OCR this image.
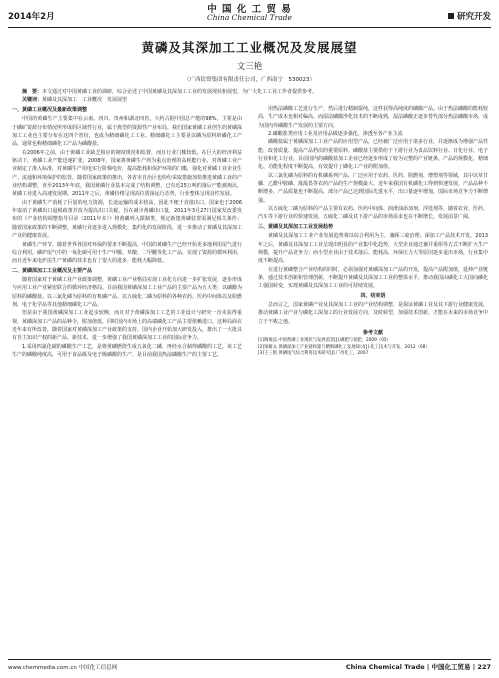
2014年2月
中 国 化 工 贸 易
China Chemical Trade	研究开发
黄磷及其深加工工业概况及发展展望
文三艳
（广西钦资集团有限责任公司，广西南宁　530023）
摘　要：本文通过对中国黄磷工业的调研，综合论述了中国黄磷及其深加工工业的发展现状和展望，为广大化工工业工作者提供参考。
关键词：黄磷及其深加工　工业概况　发展展望
一、黄磷工业概况及最新政策调整

中国的黄磷生产主要集中在云南、四川、贵州和湖北四省，大约占据中国总产能的98%。主要是由于磷矿资源分布情况所形成的区域性行业，属于典型的资源性产业布局。我们国家黄磷工业创生的黄磷深加工工业也主要分布在这四个省份，也成为精细磷化工工业。精细磷化工主要是以磷为原料的磷化工产品，通常也称精细磷化工产品为磷酸盐。

在2006年之前，由于黄磷工业缺乏相应的制度规范和监督，而且行业门槛较低，在巨大的经济利益驱动下，黄磷工业产能迅速扩张，2008年，国家将黄磷生产列为重点治理的高耗能行业，对黄磷工业产业制定了准入标准，对黄磷生产用电实行阶梯电价，提高能耗和保护环境的门槛，强化对黄磷工业企业生产、流通和环境保护的监管，随着国家政策的推出，各省市自治区也纷纷采取措施加快推进黄磷工业的产业结构调整，直至2013年年底，我国黄磷行业基本完成了结构调整，已有近25万吨的落后产能被淘汰，黄磷工业进入高速发展期。2011年之后，黄磷价格呈现高位震荡运行态势，行业整体呈现良性发展。

由于黄磷生产消耗了巨量的电力资源，长途运输的成本较高，因此不便于直接出口，国家也于2006年取消了黄磷出口退税政策并改为提高出口关税，旨在减少黄磷出口量，2011年3月27日国家发改委发布的《产业结构调整指导目录（2011年本）》将黄磷列入限制类，规定新建黄磷装置需满足相关条件；随着国家政策的不断调整，黄磷行业逐步进入规模化、集约化的发展阶段，进一步推动了黄磷及其深加工产业的健康发展。

黄磷生产环节，随着世界各国对环保的要求不断提高，中国的黄磷生产已经开始更多地利用尾气进行综合利用，磷炉尾气中的一氧化碳可用于生产甲酸、草酸、二甲醚等化工产品，实现了资源的循环利用，而且近年来电炉法生产黄磷的技术也有了很大的进步，能耗大幅降低。

二、黄磷深加工工业概况及主要产品

随着国家对于黄磷工业产业政策调整，黄磷工业产业格局实现工业化方向进一步扩张发展，逐步形成与应用工业产业紧密联合的循环经济格局。目前我国黄磷深加工工业产品的主要产品为五大类：以磷酸为原料的磷酸盐、以三氯化磷为原料的有机磷产品、以五硫化二磷为原料的各种农药、医药中间体以及阻燃剂、电子化学品等其他精细磷化工产品。

但是由于我国黄磷深加工工业起步较晚，而且对于黄磷深加工工艺的工业设计与研究一直未获得重视，黄磷深加工产品的品种少，附加值低，同时国内市场上的高端磷化工产品主要依赖进口，这种局面在近年来有所改善，随着国家对黄磷深加工产业政策的支持，国内企业开始加大研发投入，推出了一大批具有自主知识产权的新产品、新技术，进一步增强了我国黄磷深加工工业的国际竞争力。

1.采用四氯化碳的磷酸生产工艺，是将黄磷燃烧生成五氧化二磷，再经水合制得磷酸的工艺，该工艺生产的磷酸纯度高，可用于食品级及电子级磷酸的生产，是目前我国热法磷酸生产的主要工艺。

用热法磷酸工艺进行生产，然后进行精制提纯，这样获得高纯度的磷酸产品。由于热法磷酸的能耗较高，生产成本也相对偏高，而湿法磷酸净化技术的不断成熟，湿法磷酸正逐步替代部分热法磷酸市场，成为国内外磷酸生产发展的主要方向。

2.磷酸盐类应用工业及应用品级逐步强化，渗透至各产业主流

磷酸盐属于黄磷深加工工业产品的应用型产品，已经被广泛应用于诸多行业，并逐渐成为增强产品性能、改善质量、提高产品档次的重要原料。磷酸盐主要供给于下游行业为食品饮料行业、日化行业、电子行业和化工行业，目前国内的磷酸盐加工企业已经逐步形成了较为完整的产业链条，产品的规模化、精细化、功能化程度不断提高，有效提升了磷化工产业的附加值。

以三氯化磷为原料的有机磷系列产品，广泛应用于农药、医药、阻燃剂、增塑剂等领域，其中以草甘膦、乙酰甲胺磷、敌敌畏等农药产品的生产规模最大。近年来我国有机磷化工得到快速发展，产品品种不断增多，产品质量也不断提高，部分产品已达到国际先进水平，出口量逐年增加，国际市场竞争力不断增强。

以五硫化二磷为原料的产品主要有农药、医药中间体、润滑油添加剂、浮选剂等，随着农业、医药、汽车等下游行业的快速发展，五硫化二磷及其下游产品的市场需求也在不断增长，发展前景广阔。

三、黄磷及其深加工工业发展趋势

黄磷及其深加工工业产业发展趋势将以综合利用为主，兼顾三废治理、深加工产品技术开发。2013年之后，黄磷及其深加工工业呈现出明显的产业集中化趋势，大型企业通过兼并重组等方式不断扩大生产规模，提升产品竞争力；而小型企业由于技术落后、能耗高、环保压力大等原因逐步退出市场，行业集中度不断提高。

在进行黄磷整合产业结构的同时，必须加强对黄磷深加工产品的开发，提高产品附加值，延伸产业链条，通过技术创新和管理创新，不断提升黄磷及其深加工工业的整体水平，推动我国由磷化工大国向磷化工强国转变，实现黄磷及其深加工工业的可持续发展。

四、结束语

总而言之，国家黄磷产业及其深加工工业的产业结构调整，是保证黄磷工业及其下游行业健康发展，推动黄磷工业产业与磷化工深加工的行业发展方向，及时转型，加强技术创新，才能在未来的市场竞争中立于不败之地。

参考文献
[1]陶俊法.中国黄磷工业现状与发展前景[J].磷肥与复肥，2009（05）
[2]梁雄文.黄磷深加工产业链构建与精细磷化工发展探讨[J].化工技术与开发，2012（08）
[3]王三艳.黄磷尾气综合利用技术研究[J].广西化工，2007
www.chemmedia.com.cn 中国化工信息网	China Chemical Trade | 中国化工贸易 | 227
